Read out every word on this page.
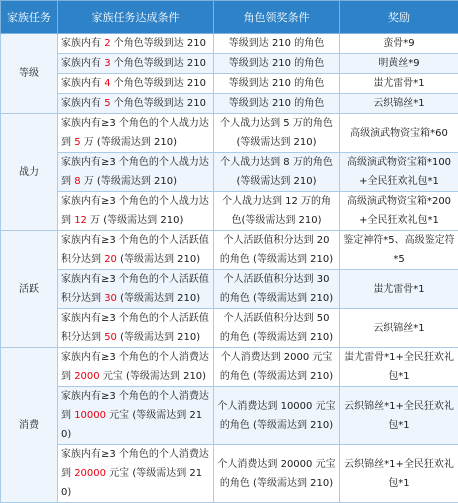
家族任务	家族任务达成条件	角色领奖条件	奖励
等级	家族内有 2 个角色等级到达 210	等级到达 210 的角色	蛮骨*9
	家族内有 3 个角色等级到达 210	等级到达 210 的角色	明黄丝*9
	家族内有 4 个角色等级到达 210	等级到达 210 的角色	蚩尤雷骨*1
	家族内有 5 个角色等级到达 210	等级到达 210 的角色	云织锦丝*1
战力	家族内有≥3 个角色的个人战力达到 5 万 (等级需达到 210)	个人战力达到 5 万的角色 (等级需达到 210)	高级演武物资宝箱*60
	家族内有≥3 个角色的个人战力达到 8 万 (等级需达到 210)	个人战力达到 8 万的角色 (等级需达到 210)	高级演武物资宝箱*100+全民狂欢礼包*1
	家族内有≥3 个角色的个人战力达到 12 万 (等级需达到 210)	个人战力达到 12 万的角色(等级需达到 210)	高级演武物资宝箱*200+全民狂欢礼包*1
活跃	家族内有≥3 个角色的个人活跃值积分达到 20 (等级需达到 210)	个人活跃值积分达到 20 的角色 (等级需达到 210)	鉴定神符*5、高级鉴定符*5
	家族内有≥3 个角色的个人活跃值积分达到 30 (等级需达到 210)	个人活跃值积分达到 30 的角色 (等级需达到 210)	蚩尤雷骨*1
	家族内有≥3 个角色的个人活跃值积分达到 50 (等级需达到 210)	个人活跃值积分达到 50 的角色 (等级需达到 210)	云织锦丝*1
消费	家族内有≥3 个角色的个人消费达到 2000 元宝 (等级需达到 210)	个人消费达到 2000 元宝的角色 (等级需达到 210)	蚩尤雷骨*1+全民狂欢礼包*1
	家族内有≥3 个角色的个人消费达到 10000 元宝 (等级需达到 210)	个人消费达到 10000 元宝的角色 (等级需达到 210)	云织锦丝*1+全民狂欢礼包*1
	家族内有≥3 个角色的个人消费达到 20000 元宝 (等级需达到 210)	个人消费达到 20000 元宝的角色 (等级需达到 210)	云织锦丝*1+全民狂欢礼包*1
